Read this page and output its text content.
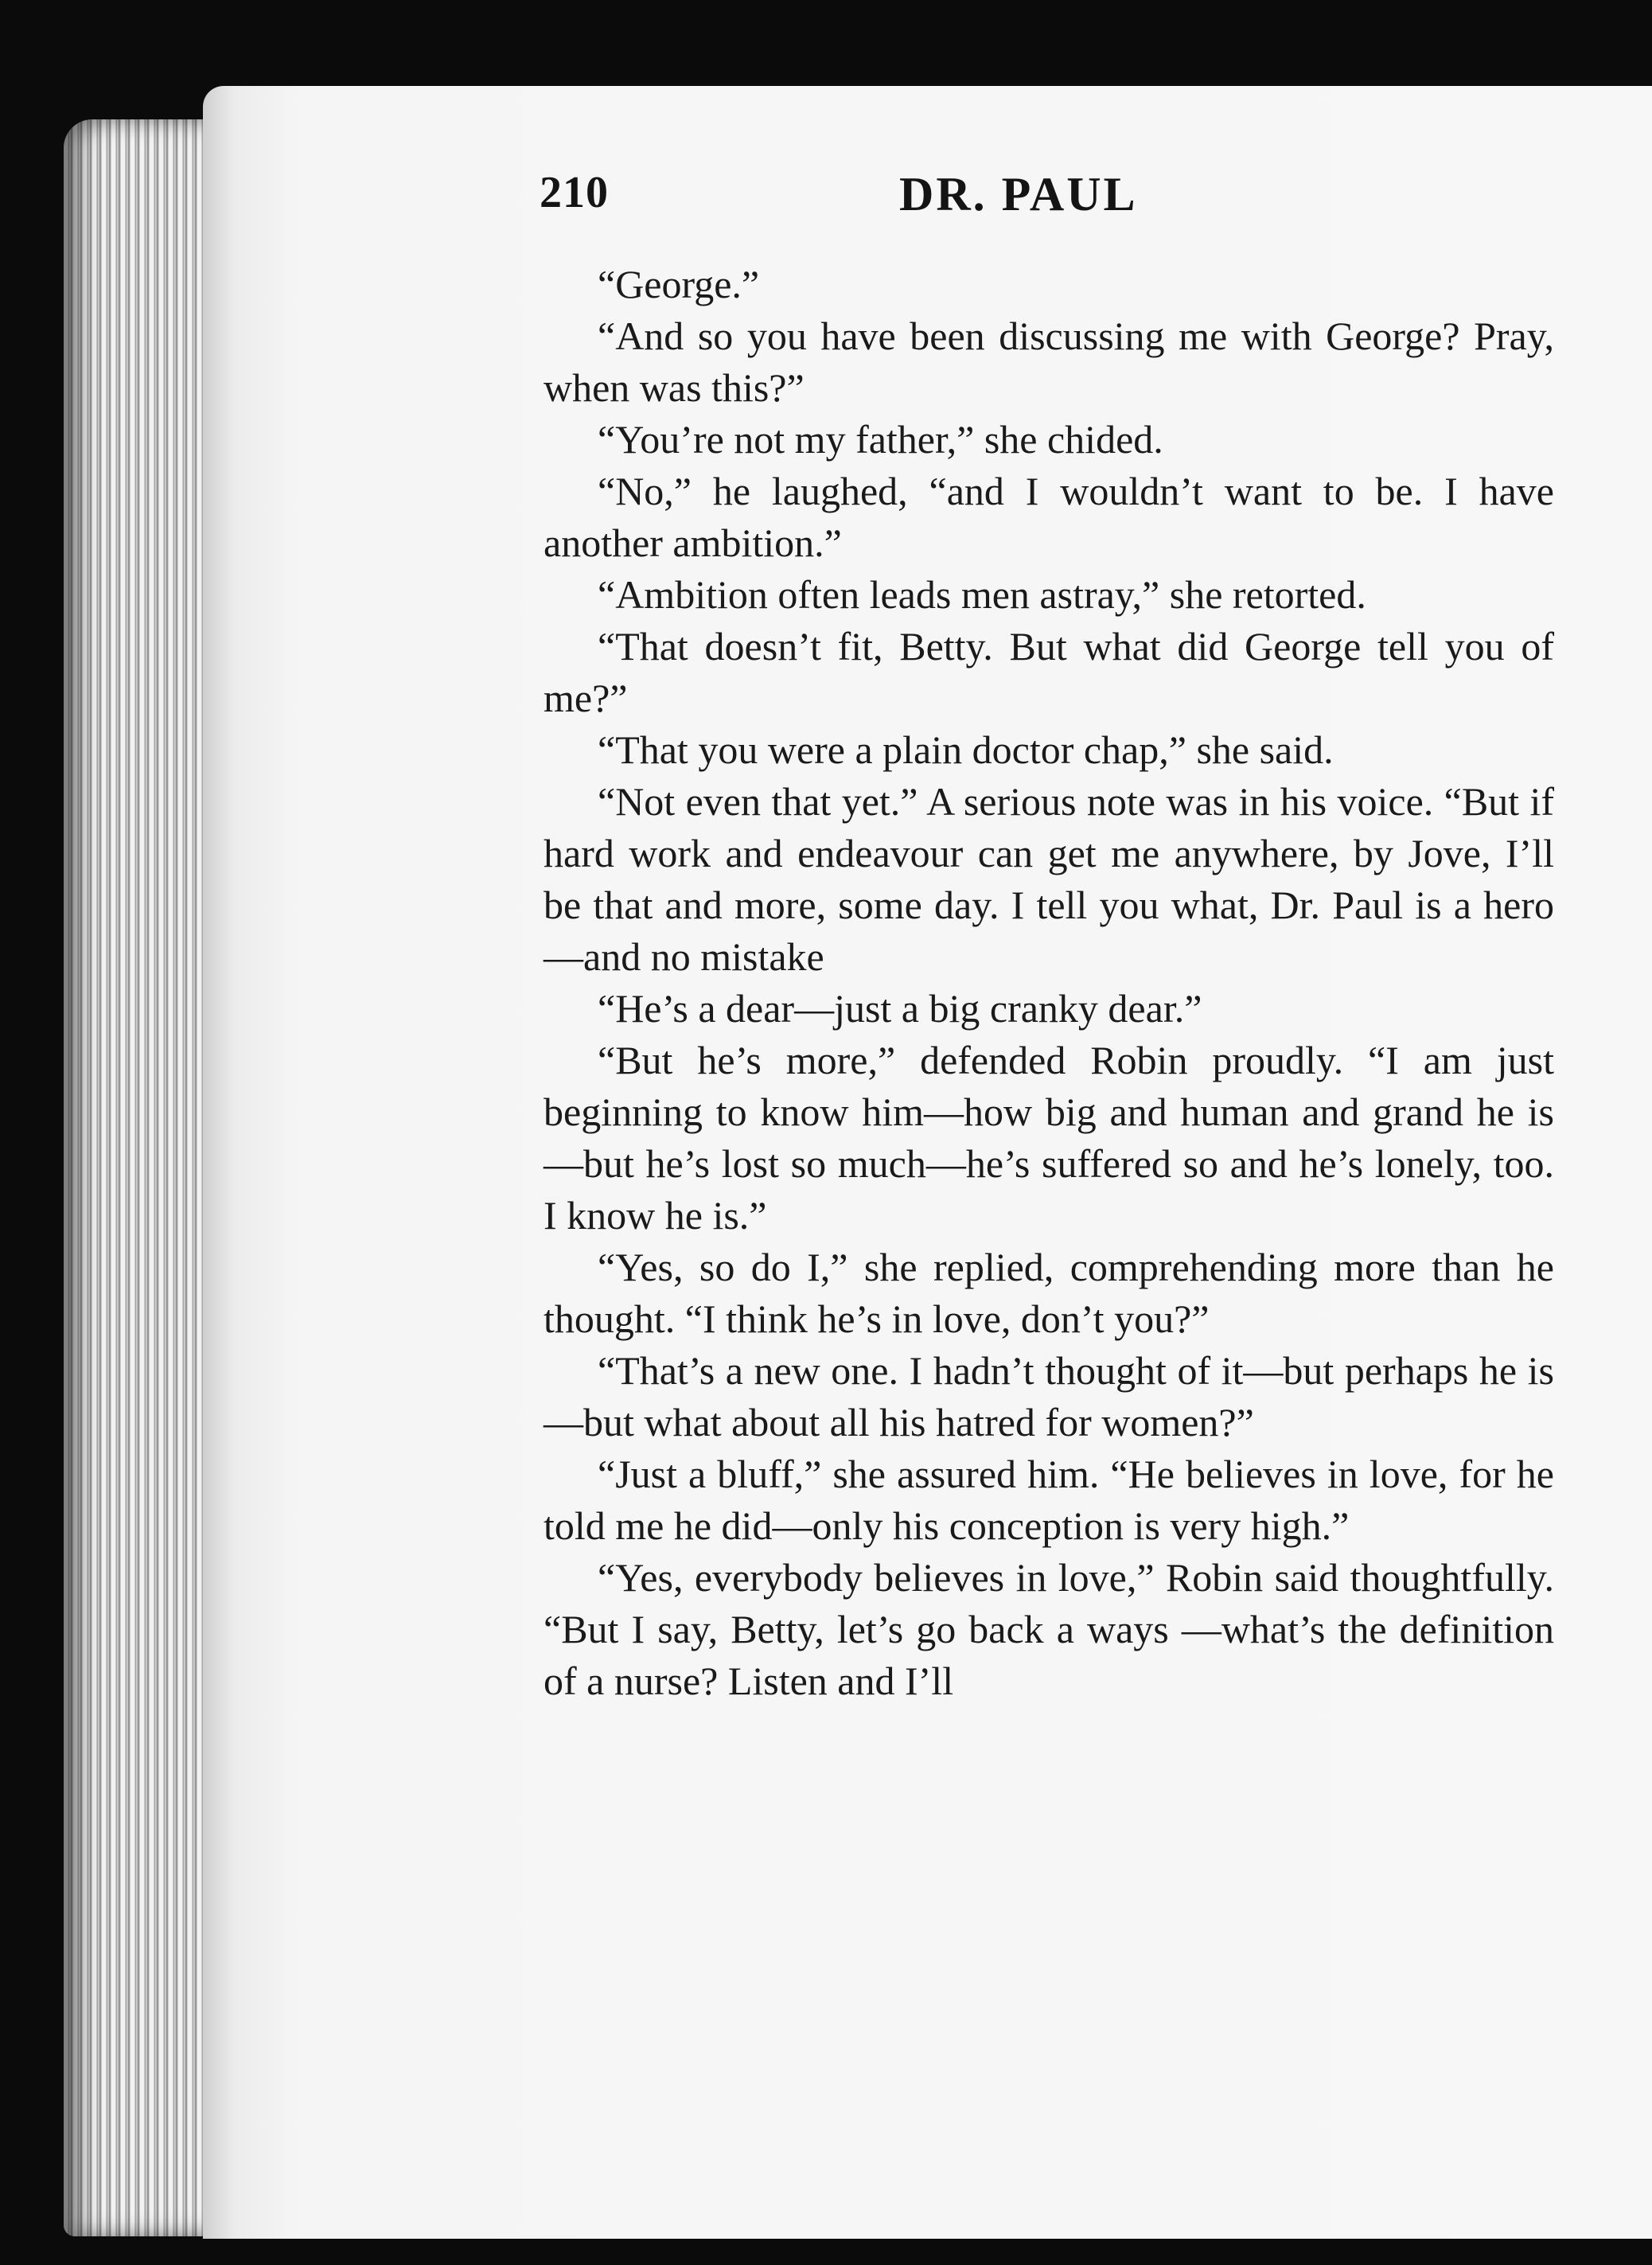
210	DR. PAUL

“George.”

“And so you have been discussing me with George? Pray, when was this?”

“You’re not my father,” she chided.

“No,” he laughed, “and I wouldn’t want to be. I have another ambition.”

“Ambition often leads men astray,” she retorted.

“That doesn’t fit, Betty. But what did George tell you of me?”

“That you were a plain doctor chap,” she said.

“Not even that yet.” A serious note was in his voice. “But if hard work and endeavour can get me anywhere, by Jove, I’ll be that and more, some day. I tell you what, Dr. Paul is a hero—and no mistake

“He’s a dear—just a big cranky dear.”

“But he’s more,” defended Robin proudly. “I am just beginning to know him—how big and human and grand he is—but he’s lost so much—he’s suffered so and he’s lonely, too. I know he is.”

“Yes, so do I,” she replied, comprehending more than he thought. “I think he’s in love, don’t you?”

“That’s a new one. I hadn’t thought of it—but perhaps he is—but what about all his hatred for women?”

“Just a bluff,” she assured him. “He believes in love, for he told me he did—only his conception is very high.”

“Yes, everybody believes in love,” Robin said thoughtfully. “But I say, Betty, let’s go back a ways —what’s the definition of a nurse? Listen and I’ll
